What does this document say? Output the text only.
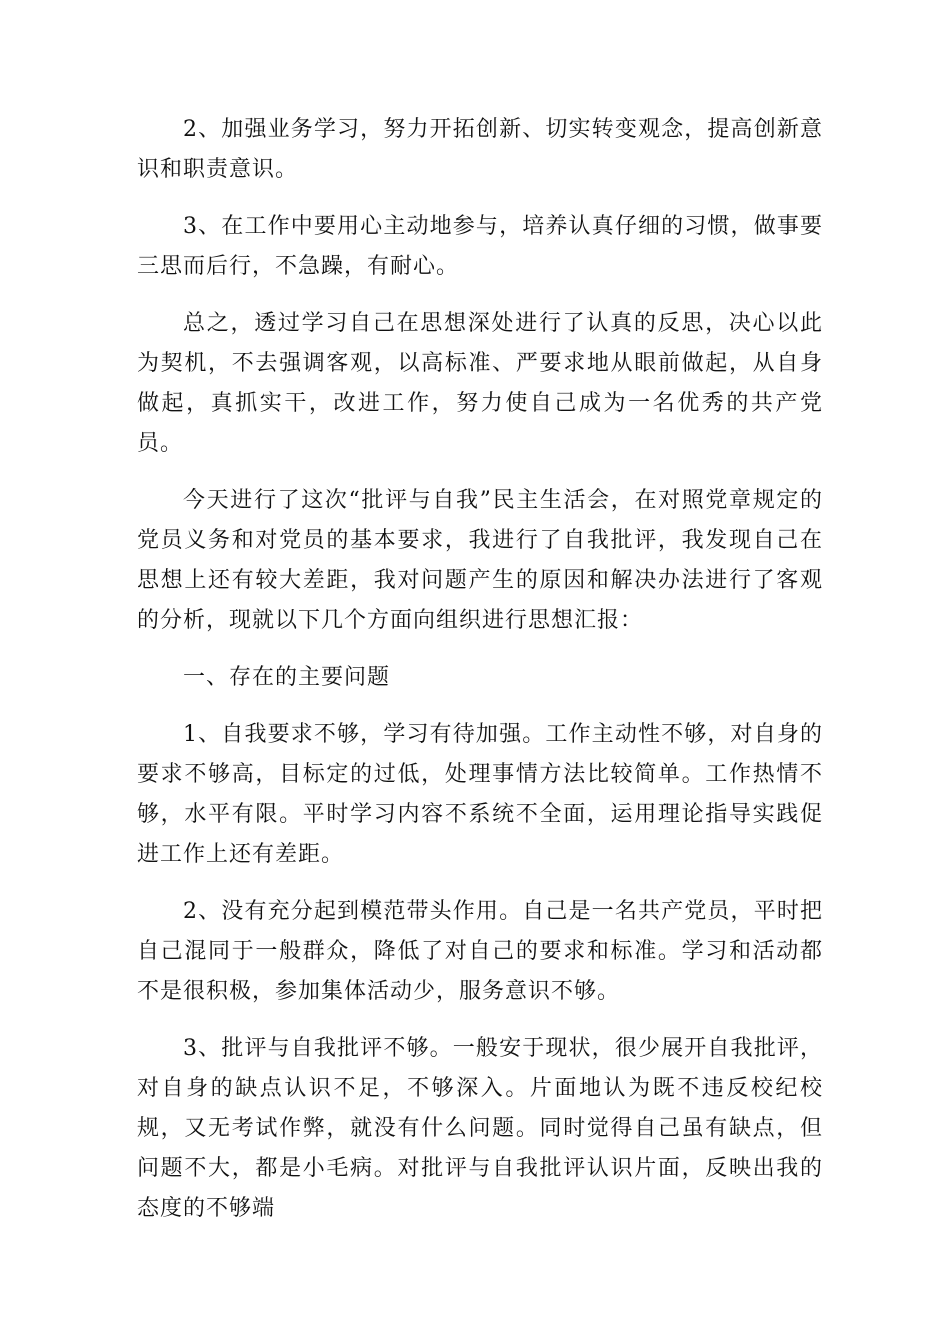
2、加强业务学习，努力开拓创新、切实转变观念，提高创新意识和职责意识。

3、在工作中要用心主动地参与，培养认真仔细的习惯，做事要三思而后行，不急躁，有耐心。

总之，透过学习自己在思想深处进行了认真的反思，决心以此为契机，不去强调客观，以高标准、严要求地从眼前做起，从自身做起，真抓实干，改进工作，努力使自己成为一名优秀的共产党员。

今天进行了这次“批评与自我”民主生活会，在对照党章规定的党员义务和对党员的基本要求，我进行了自我批评，我发现自己在思想上还有较大差距，我对问题产生的原因和解决办法进行了客观的分析，现就以下几个方面向组织进行思想汇报：

一、存在的主要问题

1、自我要求不够，学习有待加强。工作主动性不够，对自身的要求不够高，目标定的过低，处理事情方法比较简单。工作热情不够，水平有限。平时学习内容不系统不全面，运用理论指导实践促进工作上还有差距。

2、没有充分起到模范带头作用。自己是一名共产党员，平时把自己混同于一般群众，降低了对自己的要求和标准。学习和活动都不是很积极，参加集体活动少，服务意识不够。

3、批评与自我批评不够。一般安于现状，很少展开自我批评，对自身的缺点认识不足，不够深入。片面地认为既不违反校纪校规，又无考试作弊，就没有什么问题。同时觉得自己虽有缺点，但问题不大，都是小毛病。对批评与自我批评认识片面，反映出我的态度的不够端
